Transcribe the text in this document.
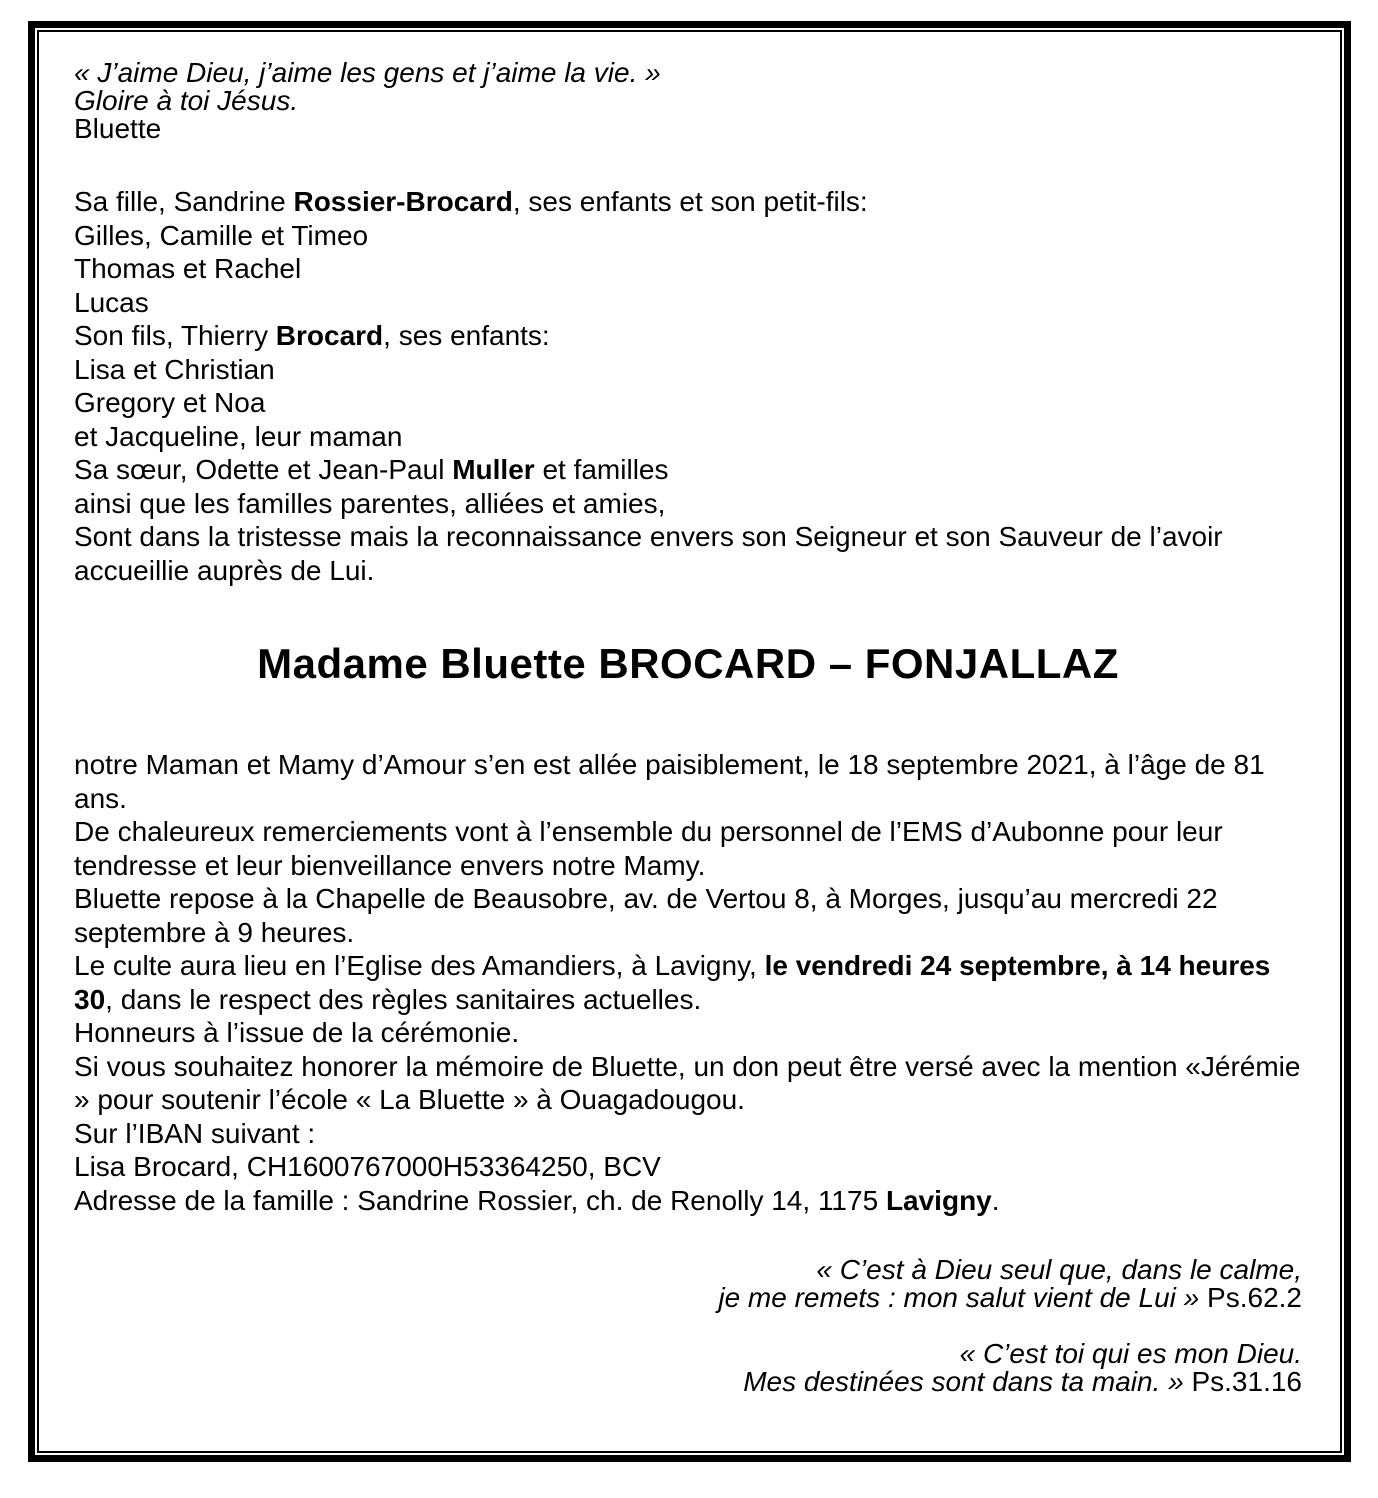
« J’aime Dieu, j’aime les gens et j’aime la vie. »

Gloire à toi Jésus.

Bluette

Sa fille, Sandrine Rossier-Brocard, ses enfants et son petit-fils:

Gilles, Camille et Timeo

Thomas et Rachel

Lucas

Son fils, Thierry Brocard, ses enfants:

Lisa et Christian

Gregory et Noa

et Jacqueline, leur maman

Sa sœur, Odette et Jean-Paul Muller et familles

ainsi que les familles parentes, alliées et amies,

Sont dans la tristesse mais la reconnaissance envers son Seigneur et son Sauveur de l’avoir accueillie auprès de Lui.

Madame Bluette BROCARD – FONJALLAZ

notre Maman et Mamy d’Amour s’en est allée paisiblement, le 18 septembre 2021, à l’âge de 81 ans.

De chaleureux remerciements vont à l’ensemble du personnel de l’EMS d’Aubonne pour leur tendresse et leur bienveillance envers notre Mamy.

Bluette repose à la Chapelle de Beausobre, av. de Vertou 8, à Morges, jusqu’au mercredi 22 septembre à 9 heures.

Le culte aura lieu en l’Eglise des Amandiers, à Lavigny, le vendredi 24 septembre, à 14 heures 30, dans le respect des règles sanitaires actuelles.

Honneurs à l’issue de la cérémonie.

Si vous souhaitez honorer la mémoire de Bluette, un don peut être versé avec la mention «Jérémie » pour soutenir l’école « La Bluette » à Ouagadougou.

Sur l’IBAN suivant :

Lisa Brocard, CH1600767000H53364250, BCV

Adresse de la famille : Sandrine Rossier, ch. de Renolly 14, 1175 Lavigny.

« C’est à Dieu seul que, dans le calme,

je me remets : mon salut vient de Lui » Ps.62.2

« C’est toi qui es mon Dieu.

Mes destinées sont dans ta main. » Ps.31.16
